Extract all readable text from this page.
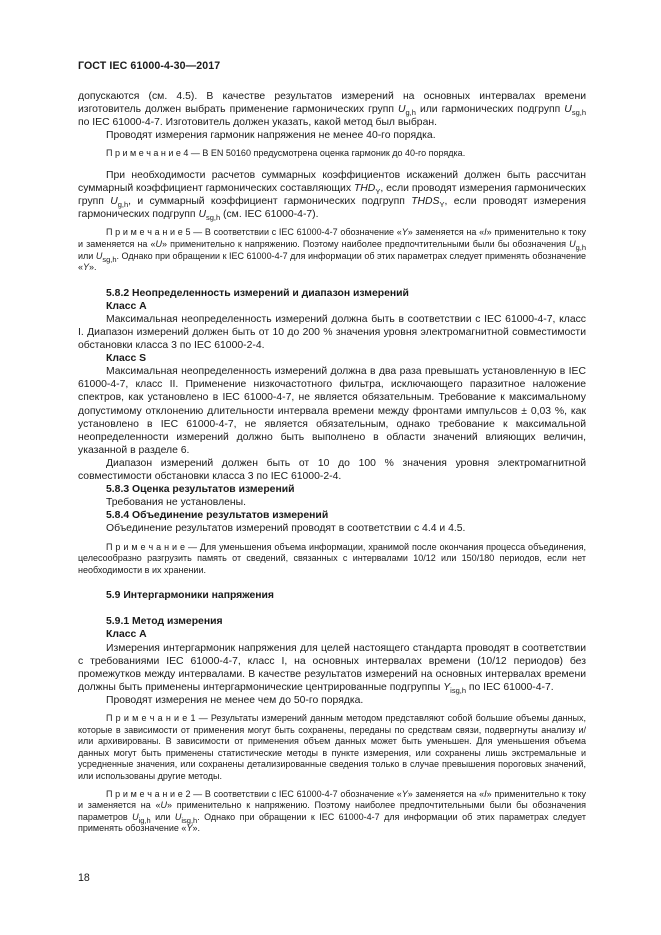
ГОСТ IEC 61000-4-30—2017

допускаются (см. 4.5). В качестве результатов измерений на основных интервалах времени изготовитель должен выбрать применение гармонических групп $U_{g,h}$ или гармонических подгрупп $U_{sg,h}$ по IEC 61000-4-7. Изготовитель должен указать, какой метод был выбран.

Проводят измерения гармоник напряжения не менее 40-го порядка.

П р и м е ч а н и е 4 — В EN 50160 предусмотрена оценка гармоник до 40-го порядка.

При необходимости расчетов суммарных коэффициентов искажений должен быть рассчитан суммарный коэффициент гармонических составляющих $THD_Y$, если проводят измерения гармонических групп $U_{g,h}$, и суммарный коэффициент гармонических подгрупп $THDS_Y$, если проводят измерения гармонических подгрупп $U_{sg,h}$ (см. IEC 61000-4-7).

П р и м е ч а н и е 5 — В соответствии с IEC 61000-4-7 обозначение «Y» заменяется на «I» применительно к току и заменяется на «U» применительно к напряжению. Поэтому наиболее предпочтительными были бы обозначения $U_{g,h}$ или $U_{sg,h}$. Однако при обращении к IEC 61000-4-7 для информации об этих параметрах следует применять обозначение «Y».

5.8.2 Неопределенность измерений и диапазон измерений

Класс А

Максимальная неопределенность измерений должна быть в соответствии с IEC 61000-4-7, класс I. Диапазон измерений должен быть от 10 до 200 % значения уровня электромагнитной совместимости обстановки класса 3 по IEC 61000-2-4.

Класс S

Максимальная неопределенность измерений должна в два раза превышать установленную в IEC 61000-4-7, класс II. Применение низкочастотного фильтра, исключающего паразитное наложение спектров, как установлено в IEC 61000-4-7, не является обязательным. Требование к максимальному допустимому отклонению длительности интервала времени между фронтами импульсов ± 0,03 %, как установлено в IEC 61000-4-7, не является обязательным, однако требование к максимальной неопределенности измерений должно быть выполнено в области значений влияющих величин, указанной в разделе 6.

Диапазон измерений должен быть от 10 до 100 % значения уровня электромагнитной совместимости обстановки класса 3 по IEC 61000-2-4.

5.8.3 Оценка результатов измерений

Требования не установлены.

5.8.4 Объединение результатов измерений

Объединение результатов измерений проводят в соответствии с 4.4 и 4.5.

П р и м е ч а н и е — Для уменьшения объема информации, хранимой после окончания процесса объединения, целесообразно разгрузить память от сведений, связанных с интервалами 10/12 или 150/180 периодов, если нет необходимости в их хранении.

5.9 Интергармоники напряжения

5.9.1 Метод измерения

Класс А

Измерения интергармоник напряжения для целей настоящего стандарта проводят в соответствии с требованиями IEC 61000-4-7, класс I, на основных интервалах времени (10/12 периодов) без промежутков между интервалами. В качестве результатов измерений на основных интервалах времени должны быть применены интергармонические центрированные подгруппы $Y_{isg,h}$ по IEC 61000-4-7.

Проводят измерения не менее чем до 50-го порядка.

П р и м е ч а н и е 1 — Результаты измерений данным методом представляют собой большие объемы данных, которые в зависимости от применения могут быть сохранены, переданы по средствам связи, подвергнуты анализу и/или архивированы. В зависимости от применения объем данных может быть уменьшен. Для уменьшения объема данных могут быть применены статистические методы в пункте измерения, или сохранены лишь экстремальные и усредненные значения, или сохранены детализированные сведения только в случае превышения пороговых значений, или использованы другие методы.

П р и м е ч а н и е 2 — В соответствии с IEC 61000-4-7 обозначение «Y» заменяется на «I» применительно к току и заменяется на «U» применительно к напряжению. Поэтому наиболее предпочтительными были бы обозначения параметров $U_{ig,h}$ или $U_{isg,h}$. Однако при обращении к IEC 61000-4-7 для информации об этих параметрах следует применять обозначение «Y».

18
